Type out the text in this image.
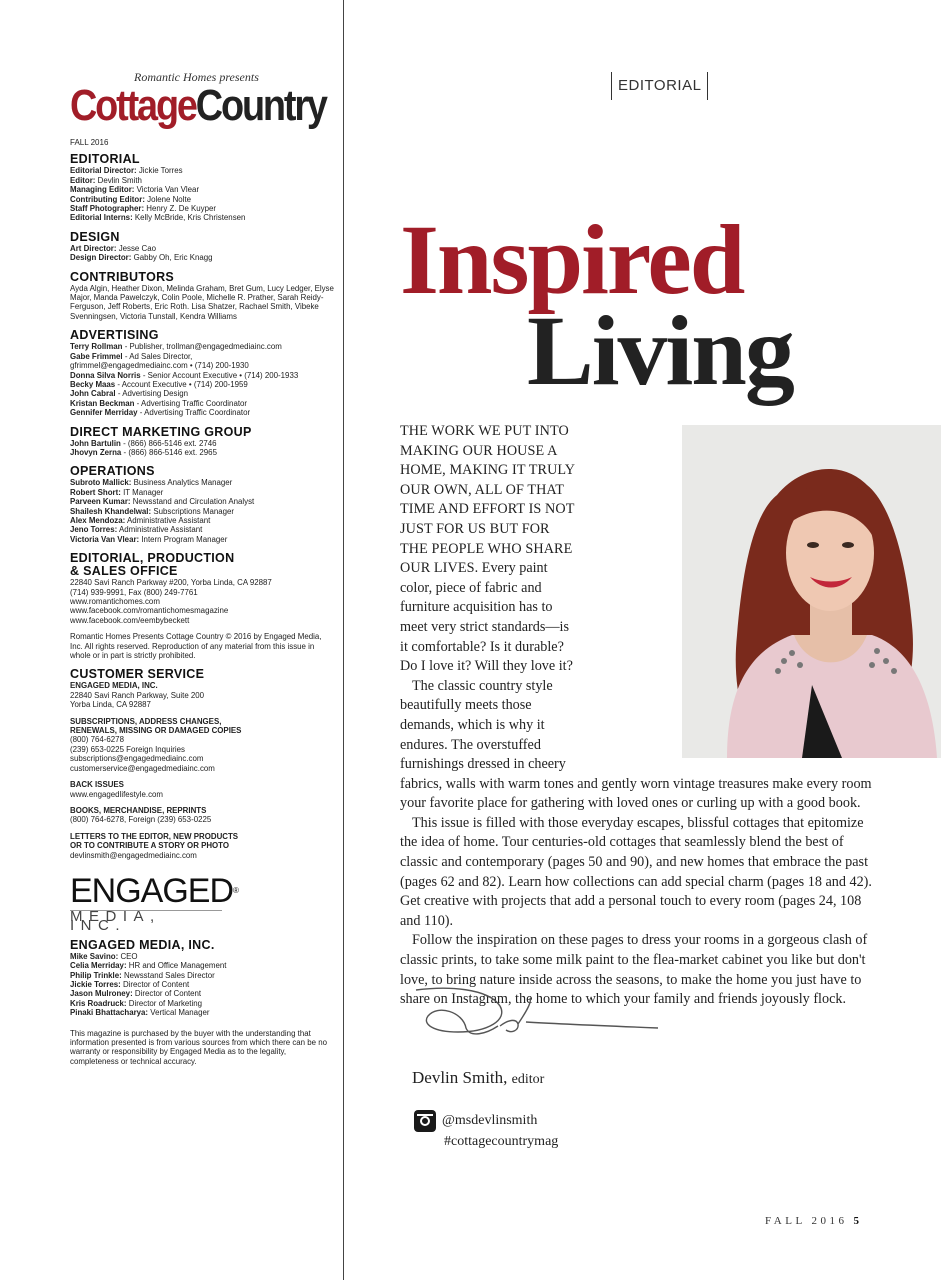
Romantic Homes presents
CottageCountry
FALL 2016
EDITORIAL
Editorial Director: Jickie Torres
Editor: Devlin Smith
Managing Editor: Victoria Van Vlear
Contributing Editor: Jolene Nolte
Staff Photographer: Henry Z. De Kuyper
Editorial Interns: Kelly McBride, Kris Christensen
DESIGN
Art Director: Jesse Cao
Design Director: Gabby Oh, Eric Knagg
CONTRIBUTORS
Ayda Algin, Heather Dixon, Melinda Graham, Bret Gum, Lucy Ledger, Elyse Major, Manda Pawelczyk, Colin Poole, Michelle R. Prather, Sarah Reidy-Ferguson, Jeff Roberts, Eric Roth. Lisa Shatzer, Rachael Smith, Vibeke Svenningsen, Victoria Tunstall, Kendra Williams
ADVERTISING
Terry Rollman - Publisher, trollman@engagedmediainc.com
Gabe Frimmel - Ad Sales Director,
gfrimmel@engagedmediainc.com • (714) 200-1930
Donna Silva Norris - Senior Account Executive • (714) 200-1933
Becky Maas - Account Executive • (714) 200-1959
John Cabral - Advertising Design
Kristan Beckman - Advertising Traffic Coordinator
Gennifer Merriday - Advertising Traffic Coordinator
DIRECT MARKETING GROUP
John Bartulin - (866) 866-5146 ext. 2746
Jhovyn Zerna - (866) 866-5146 ext. 2965
OPERATIONS
Subroto Mallick: Business Analytics Manager
Robert Short: IT Manager
Parveen Kumar: Newsstand and Circulation Analyst
Shailesh Khandelwal: Subscriptions Manager
Alex Mendoza: Administrative Assistant
Jeno Torres: Administrative Assistant
Victoria Van Vlear: Intern Program Manager
EDITORIAL, PRODUCTION
& SALES OFFICE
22840 Savi Ranch Parkway #200, Yorba Linda, CA 92887
(714) 939-9991, Fax (800) 249-7761
www.romantichomes.com
www.facebook.com/romantichomesmagazine
www.facebook.com/eembybeckett
Romantic Homes Presents Cottage Country © 2016 by Engaged Media, Inc. All rights reserved. Reproduction of any material from this issue in whole or in part is strictly prohibited.
CUSTOMER SERVICE
ENGAGED MEDIA, INC.
22840 Savi Ranch Parkway, Suite 200
Yorba Linda, CA 92887
SUBSCRIPTIONS, ADDRESS CHANGES,
RENEWALS, MISSING OR DAMAGED COPIES
(800) 764-6278
(239) 653-0225 Foreign Inquiries
subscriptions@engagedmediainc.com
customerservice@engagedmediainc.com
BACK ISSUES
www.engagedlifestyle.com
BOOKS, MERCHANDISE, REPRINTS
(800) 764-6278, Foreign (239) 653-0225
LETTERS TO THE EDITOR, NEW PRODUCTS
OR TO CONTRIBUTE A STORY OR PHOTO
devlinsmith@engagedmediainc.com
ENGAGED®
MEDIA, INC.
ENGAGED MEDIA, INC.
Mike Savino: CEO
Celia Merriday: HR and Office Management
Philip Trinkle: Newsstand Sales Director
Jickie Torres: Director of Content
Jason Mulroney: Director of Content
Kris Roadruck: Director of Marketing
Pinaki Bhattacharya: Vertical Manager
This magazine is purchased by the buyer with the understanding that information presented is from various sources from which there can be no warranty or responsibility by Engaged Media as to the legality, completeness or technical accuracy.
EDITORIAL
Inspired
Living

THE WORK WE PUT INTO MAKING OUR HOUSE A HOME, MAKING IT TRULY OUR OWN, ALL OF THAT TIME AND EFFORT IS NOT JUST FOR US BUT FOR THE PEOPLE WHO SHARE OUR LIVES. Every paint color, piece of fabric and furniture acquisition has to meet very strict standards—is it comfortable? Is it durable? Do I love it? Will they love it?

The classic country style beautifully meets those demands, which is why it endures. The overstuffed furnishings dressed in cheery fabrics, walls with warm tones and gently worn vintage treasures make every room your favorite place for gathering with loved ones or curling up with a good book.

This issue is filled with those everyday escapes, blissful cottages that epitomize the idea of home. Tour centuries-old cottages that seamlessly blend the best of classic and contemporary (pages 50 and 90), and new homes that embrace the past (pages 62 and 82). Learn how collections can add special charm (pages 18 and 42). Get creative with projects that add a personal touch to every room (pages 24, 108 and 110).

Follow the inspiration on these pages to dress your rooms in a gorgeous clash of classic prints, to take some milk paint to the flea-market cabinet you like but don't love, to bring nature inside across the seasons, to make the home you just have to share on Instagram, the home to which your family and friends joyously flock.

Devlin Smith, editor
@msdevlinsmith
#cottagecountrymag
FALL 2016 5
